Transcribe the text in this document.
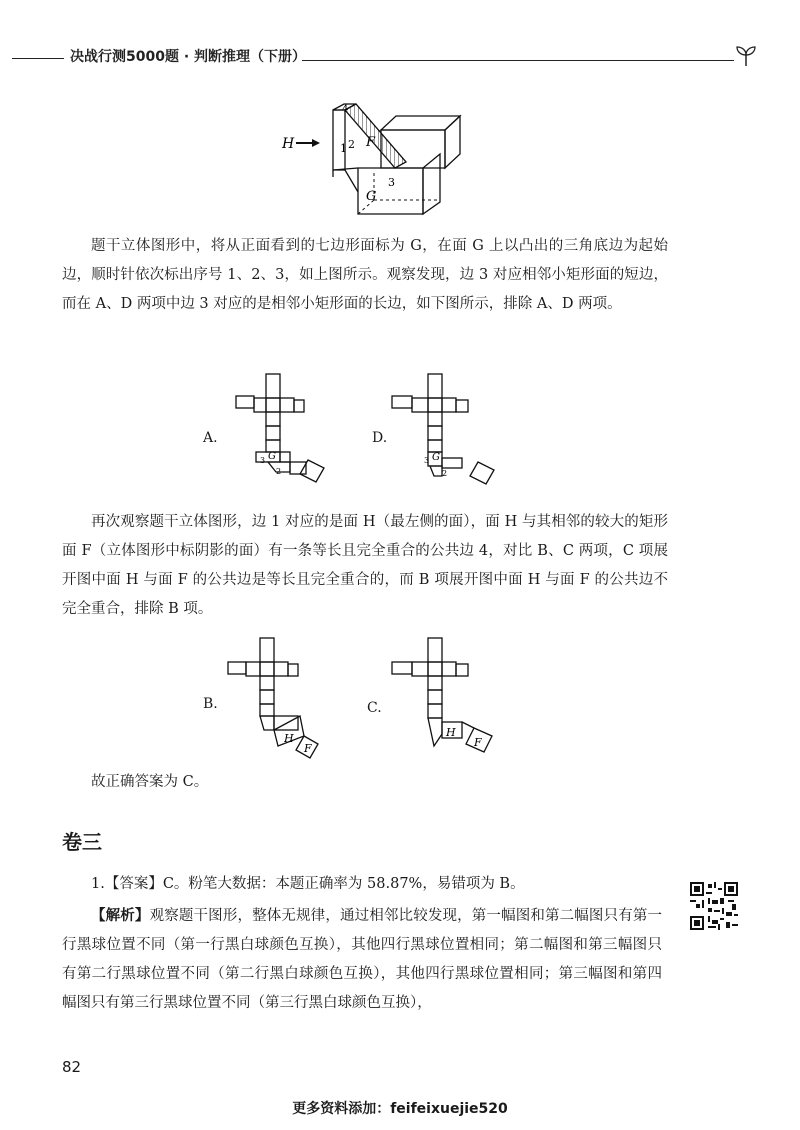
决战行测5000题 · 判断推理（下册）
H	F
G
1 2
3
4

题干立体图形中，将从正面看到的七边形面标为 G，在面 G 上以凸出的三角底边为起始边，顺时针依次标出序号 1、2、3，如上图所示。观察发现，边 3 对应相邻小矩形面的短边，而在 A、D 两项中边 3 对应的是相邻小矩形面的长边，如下图所示，排除 A、D 两项。

A.
G
3
2
D.
G
3
2

再次观察题干立体图形，边 1 对应的是面 H（最左侧的面），面 H 与其相邻的较大的矩形面 F（立体图形中标阴影的面）有一条等长且完全重合的公共边 4，对比 B、C 两项，C 项展开图中面 H 与面 F 的公共边是等长且完全重合的，而 B 项展开图中面 H 与面 F 的公共边不完全重合，排除 B 项。

B.
H
F
C.
H
F

故正确答案为 C。

卷三

1.【答案】C。粉笔大数据：本题正确率为 58.87%，易错项为 B。

【解析】观察题干图形，整体无规律，通过相邻比较发现，第一幅图和第二幅图只有第一行黑球位置不同（第一行黑白球颜色互换），其他四行黑球位置相同；第二幅图和第三幅图只有第二行黑球位置不同（第二行黑白球颜色互换），其他四行黑球位置相同；第三幅图和第四幅图只有第三行黑球位置不同（第三行黑白球颜色互换），

82
更多资料添加：feifeixuejie520
